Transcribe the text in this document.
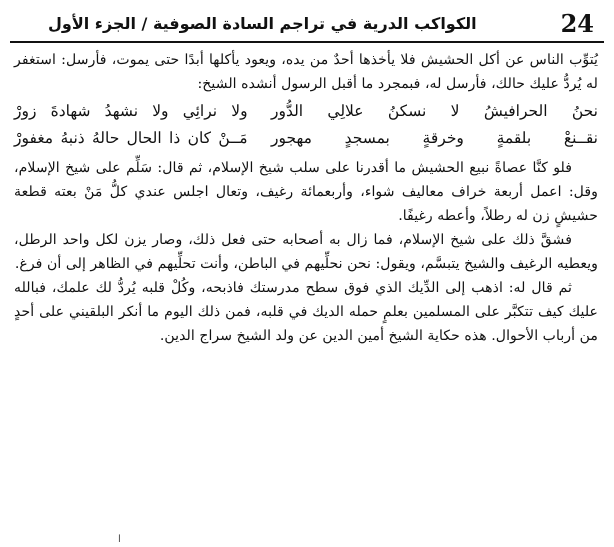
24
الكواكب الدرية في تراجم السادة الصوفية / الجزء الأول

يُتوِّب الناس عن أكل الحشيش فلا يأخذها أحدٌ من يده، ويعود يأكلها أبدًا حتى يموت، فأرسل: استغفر له يُردُّ عليك حالك، فأرسل له، فبمجرد ما أقبل الرسول أنشده الشيخ:

نحنُ الحرافيشُ لا نسكنُ علالِي الدُّور
ولا نرائِي ولا نشهدُ شهادةَ زورْ
نقــنعْ بلقمةٍ وخرقةٍ بمسجدٍ مهجور
مَــنْ كان ذا الحال حالهُ ذنبهُ مغفورْ

فلو كنَّا عصاةً نبيع الحشيش ما أقدرنا على سلب شيخ الإسلام، ثم قال: سَلِّم على شيخ الإسلام، وقل: اعمل أربعة خراف معاليف شواء، وأربعمائة رغيف، وتعال اجلس عندي كلُّ مَنْ بعته قطعة حشيشٍ زن له رطلاً، وأعطه رغيفًا.

فشقَّ ذلك على شيخ الإسلام، فما زال به أصحابه حتى فعل ذلك، وصار يزن لكل واحد الرطل، ويعطيه الرغيف والشيخ يتبسَّم، ويقول: نحن نحلِّيهم في الباطن، وأنت تحلِّيهم في الظاهر إلى أن فرغ.

ثم قال له: اذهب إلى الدِّيك الذي فوق سطح مدرستك فاذبحه، وكُلْ قلبه يُردُّ لك علمك، فبالله عليك كيف تتكبَّر على المسلمين بعلمٍ حمله الديك في قلبه، فمن ذلك اليوم ما أنكر البلقيني على أحدٍ من أرباب الأحوال. هذه حكاية الشيخ أمين الدين عن ولد الشيخ سراج الدين.

ا
